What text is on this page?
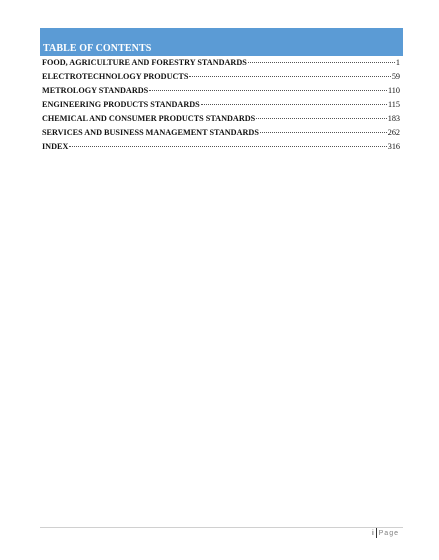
TABLE OF CONTENTS
FOOD, AGRICULTURE AND FORESTRY STANDARDS	1
ELECTROTECHNOLOGY PRODUCTS	59
METROLOGY STANDARDS	110
ENGINEERING PRODUCTS STANDARDS	115
CHEMICAL AND CONSUMER PRODUCTS STANDARDS	183
SERVICES AND BUSINESS MANAGEMENT STANDARDS	262
INDEX	316
i Page
